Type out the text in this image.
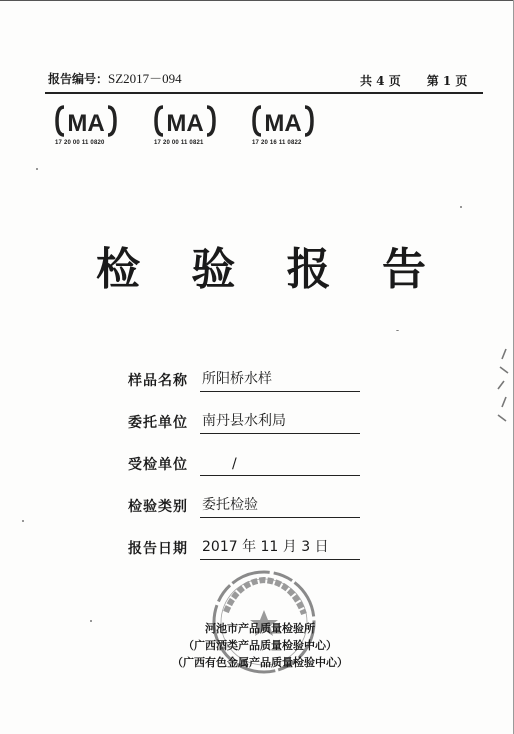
报告编号：SZ2017－094	共 4 页 第 1 页
MA
17 20 00 11 0820
MA
17 20 00 11 0821
MA
17 20 16 11 0822
检 验 报 告
样品名称 所阳桥水样
委托单位 南丹县水利局
受检单位	/
检验类别 委托检验
报告日期 2017 年 11 月 3 日
河池市产品质量检验所
（广西酒类产品质量检验中心）
（广西有色金属产品质量检验中心）
